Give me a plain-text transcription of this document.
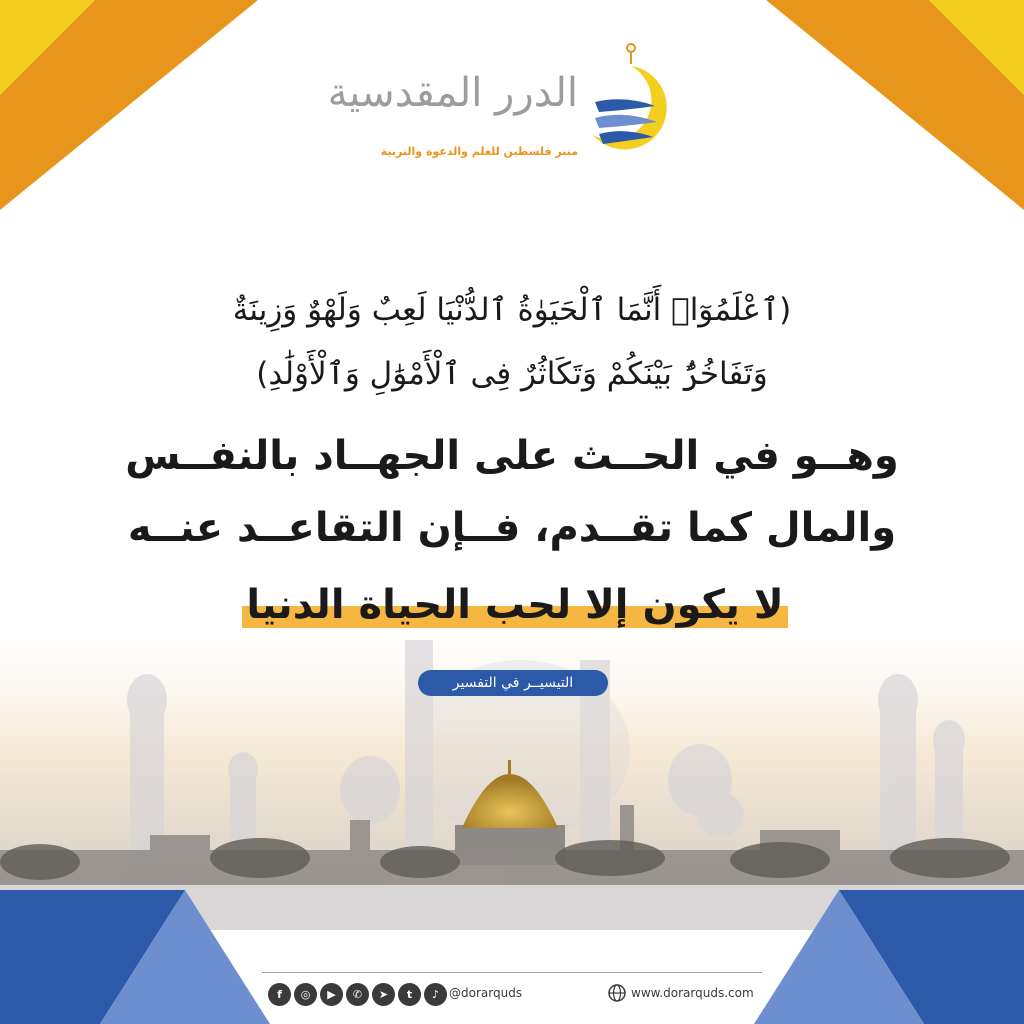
الدرر المقدسية
منبر فلسطين للعلم والدعوة والتربية
(ٱعْلَمُوٓا۟ أَنَّمَا ٱلْحَيَوٰةُ ٱلدُّنْيَا لَعِبٌ وَلَهْوٌ وَزِينَةٌ
وَتَفَاخُرٌۢ بَيْنَكُمْ وَتَكَاثُرٌ فِى ٱلْأَمْوَٰلِ وَٱلْأَوْلَٰدِ)
وهــو في الحــث على الجهــاد بالنفــس
والمال كما تقــدم، فــإن التقاعــد عنــه
لا يكون إلا لحب الحياة الدنيا
التيسيــر في التفسير
f	◎	▶	✆	➤	t	♪ @dorarquds	www.dorarquds.com
